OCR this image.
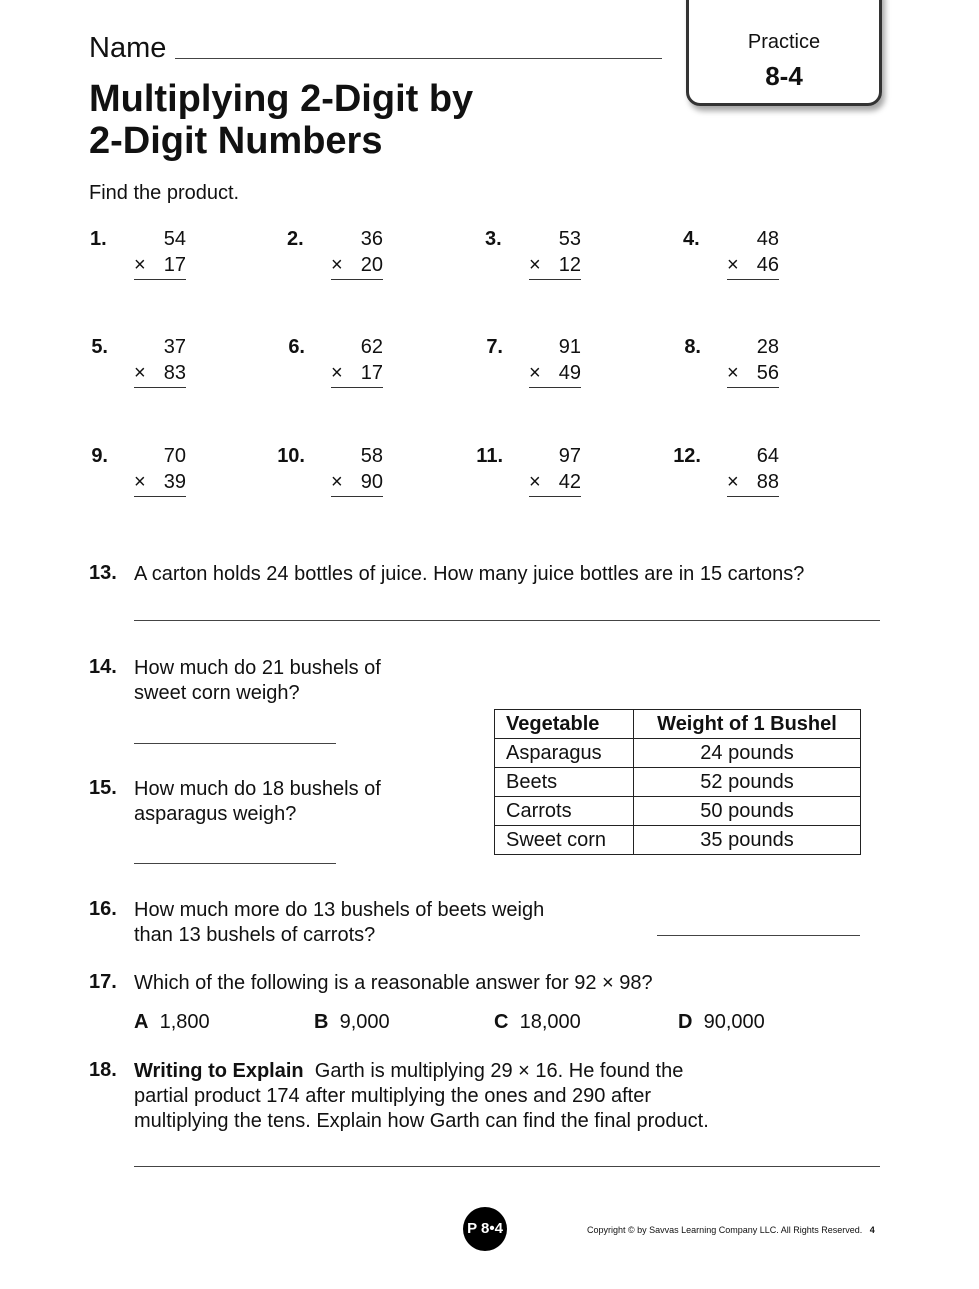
Name
Multiplying 2-Digit by
2-Digit Numbers
Practice
8-4
Find the product.
1.	54
× 17
2.	36
× 20
3.	53
× 12
4.	48
× 46
5.	37
× 83
6.	62
× 17
7.	91
× 49
8.	28
× 56
9.	70
× 39
10.	58
× 90
11.	97
× 42
12.	64
× 88
13. A carton holds 24 bottles of juice. How many juice bottles are in 15 cartons?
14. How much do 21 bushels of
sweet corn weigh?
15. How much do 18 bushels of
asparagus weigh?
Vegetable	Weight of 1 Bushel
Asparagus	24 pounds
Beets	52 pounds
Carrots	50 pounds
Sweet corn	35 pounds
16. How much more do 13 bushels of beets weigh
than 13 bushels of carrots?
17. Which of the following is a reasonable answer for 92 × 98?
A 1,800	B 9,000	C 18,000	D 90,000
18. Writing to Explain Garth is multiplying 29 × 16. He found the
partial product 174 after multiplying the ones and 290 after
multiplying the tens. Explain how Garth can find the final product.
P 8•4	Copyright © by Savvas Learning Company LLC. All Rights Reserved. 4
